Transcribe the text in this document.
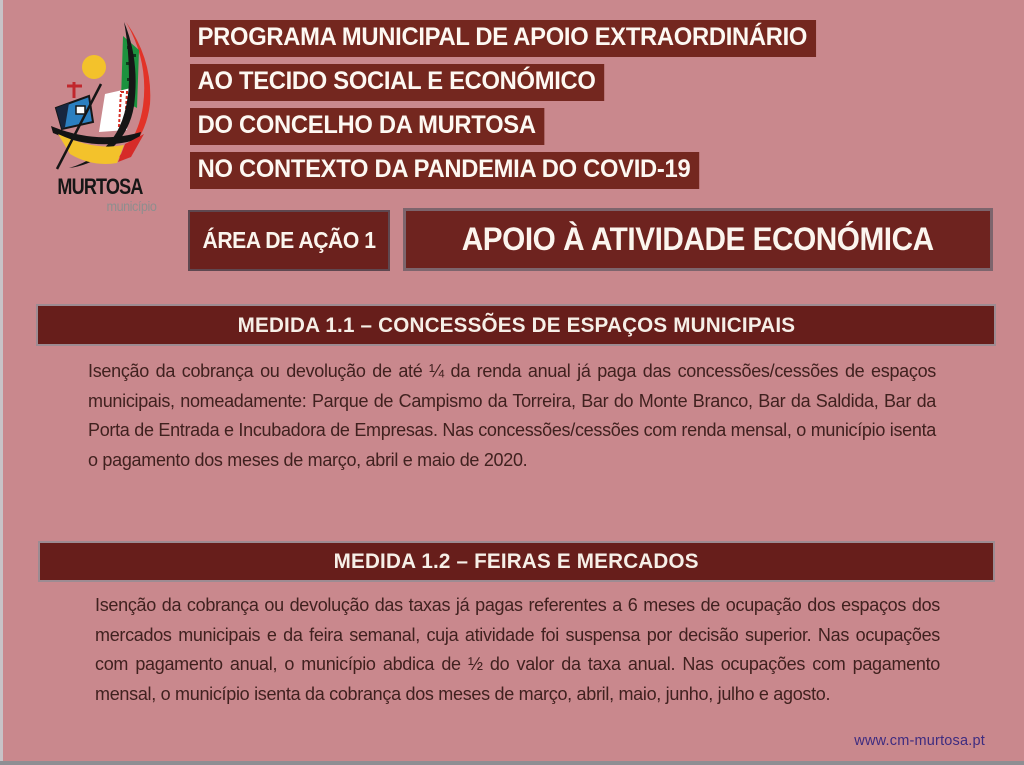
MURTOSA
município
PROGRAMA MUNICIPAL DE APOIO EXTRAORDINÁRIO
AO TECIDO SOCIAL E ECONÓMICO
DO CONCELHO DA MURTOSA
NO CONTEXTO DA PANDEMIA DO COVID-19
ÁREA DE AÇÃO 1	APOIO À ATIVIDADE ECONÓMICA
MEDIDA 1.1 – CONCESSÕES DE ESPAÇOS MUNICIPAIS
Isenção da cobrança ou devolução de até ¼ da renda anual já paga das concessões/cessões de espaços municipais, nomeadamente: Parque de Campismo da Torreira, Bar do Monte Branco, Bar da Saldida, Bar da Porta de Entrada e Incubadora de Empresas. Nas concessões/cessões com renda mensal, o município isenta o pagamento dos meses de março, abril e maio de 2020.
MEDIDA 1.2 – FEIRAS E MERCADOS
Isenção da cobrança ou devolução das taxas já pagas referentes a 6 meses de ocupação dos espaços dos mercados municipais e da feira semanal, cuja atividade foi suspensa por decisão superior. Nas ocupações com pagamento anual, o município abdica de ½ do valor da taxa anual. Nas ocupações com pagamento mensal, o município isenta da cobrança dos meses de março, abril, maio, junho, julho e agosto.
www.cm-murtosa.pt
